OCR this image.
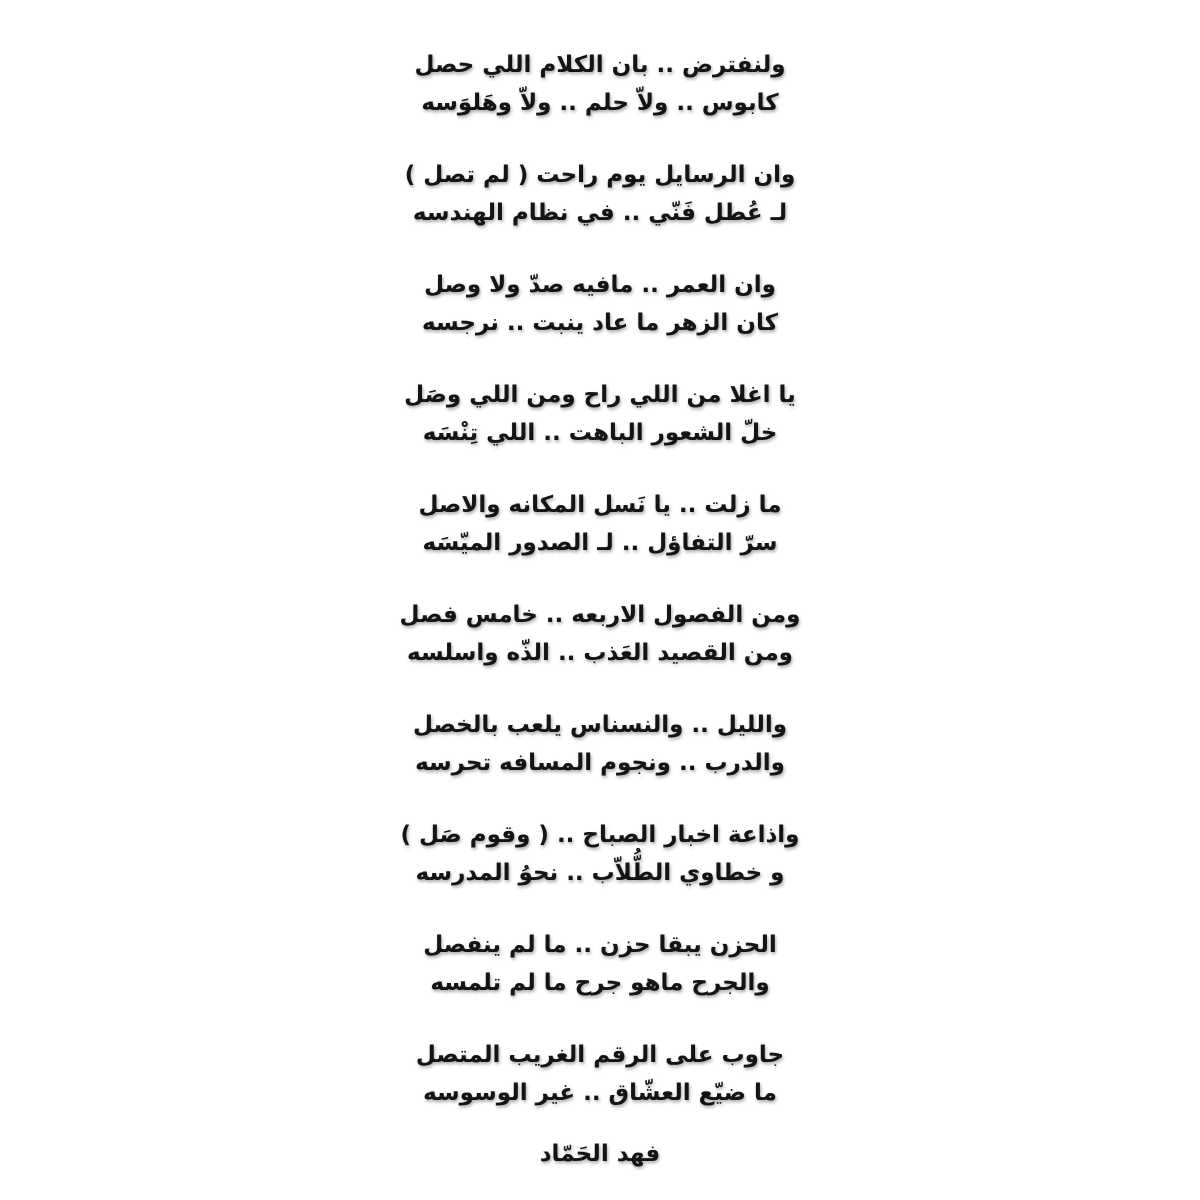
ولنفترض .. بان الكلام اللي حصل
كابوس .. ولاّ حلم .. ولاّ وهَلوَسه
وان الرسايل يوم راحت ( لم تصل )
لـ عُطل فَنّي .. في نظام الهندسه
وان العمر .. مافيه صدّ ولا وصل
كان الزهر ما عاد ينبت .. نرجسه
يا اغلا من اللي راح ومن اللي وصَل
خلّ الشعور الباهت .. اللي تِنْسَه
ما زلت .. يا نَسل المكانه والاصل
سرّ التفاؤل .. لـ الصدور الميّسَه
ومن الفصول الاربعه .. خامس فصل
ومن القصيد العَذب .. الذّه واسلسه
والليل .. والنسناس يلعب بالخصل
والدرب .. ونجوم المسافه تحرسه
واذاعة اخبار الصباح .. ( وقوم صَل )
و خطاوي الطُّلاّب .. نحوُ المدرسه
الحزن يبقا حزن .. ما لم ينفصل
والجرح ماهو جرح ما لم تلمسه
جاوب على الرقم الغريب المتصل
ما ضيّع العشّاق .. غير الوسوسه
فهد الحَمّاد
